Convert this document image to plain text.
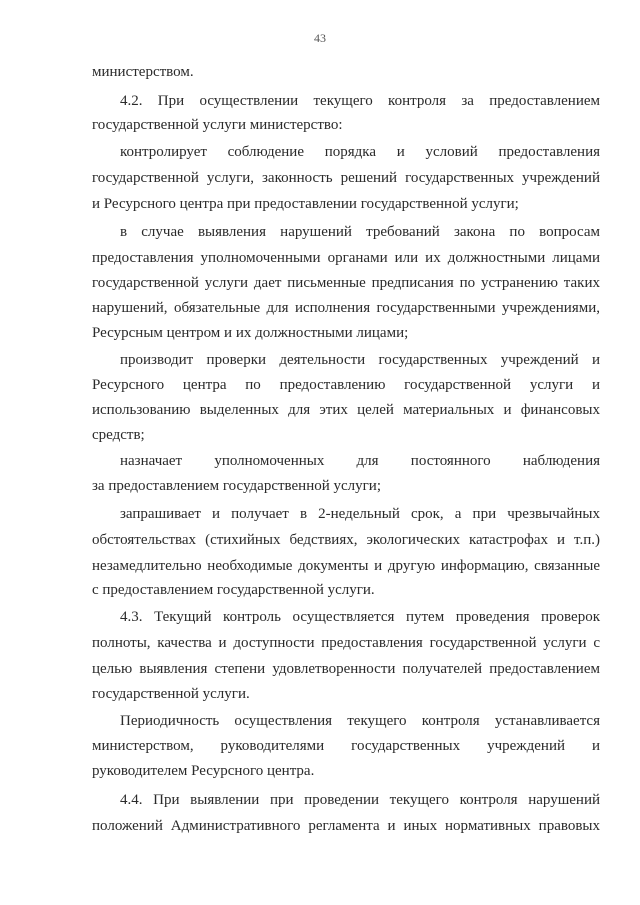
43
министерством.
4.2. При осуществлении текущего контроля за предоставлением
государственной услуги министерство:
контролирует соблюдение порядка и условий предоставления
государственной услуги, законность решений государственных учреждений
и Ресурсного центра при предоставлении государственной услуги;
в случае выявления нарушений требований закона по вопросам
предоставления уполномоченными органами или их должностными лицами
государственной услуги дает письменные предписания по устранению таких
нарушений, обязательные для исполнения государственными учреждениями,
Ресурсным центром и их должностными лицами;
производит проверки деятельности государственных учреждений и
Ресурсного центра по предоставлению государственной услуги и
использованию выделенных для этих целей материальных и финансовых
средств;
назначает уполномоченных для постоянного наблюдения
за предоставлением государственной услуги;
запрашивает и получает в 2-недельный срок, а при чрезвычайных
обстоятельствах (стихийных бедствиях, экологических катастрофах и т.п.)
незамедлительно необходимые документы и другую информацию, связанные
с предоставлением государственной услуги.
4.3. Текущий контроль осуществляется путем проведения проверок
полноты, качества и доступности предоставления государственной услуги с
целью выявления степени удовлетворенности получателей предоставлением
государственной услуги.
Периодичность осуществления текущего контроля устанавливается
министерством, руководителями государственных учреждений и
руководителем Ресурсного центра.
4.4. При выявлении при проведении текущего контроля нарушений
положений Административного регламента и иных нормативных правовых
